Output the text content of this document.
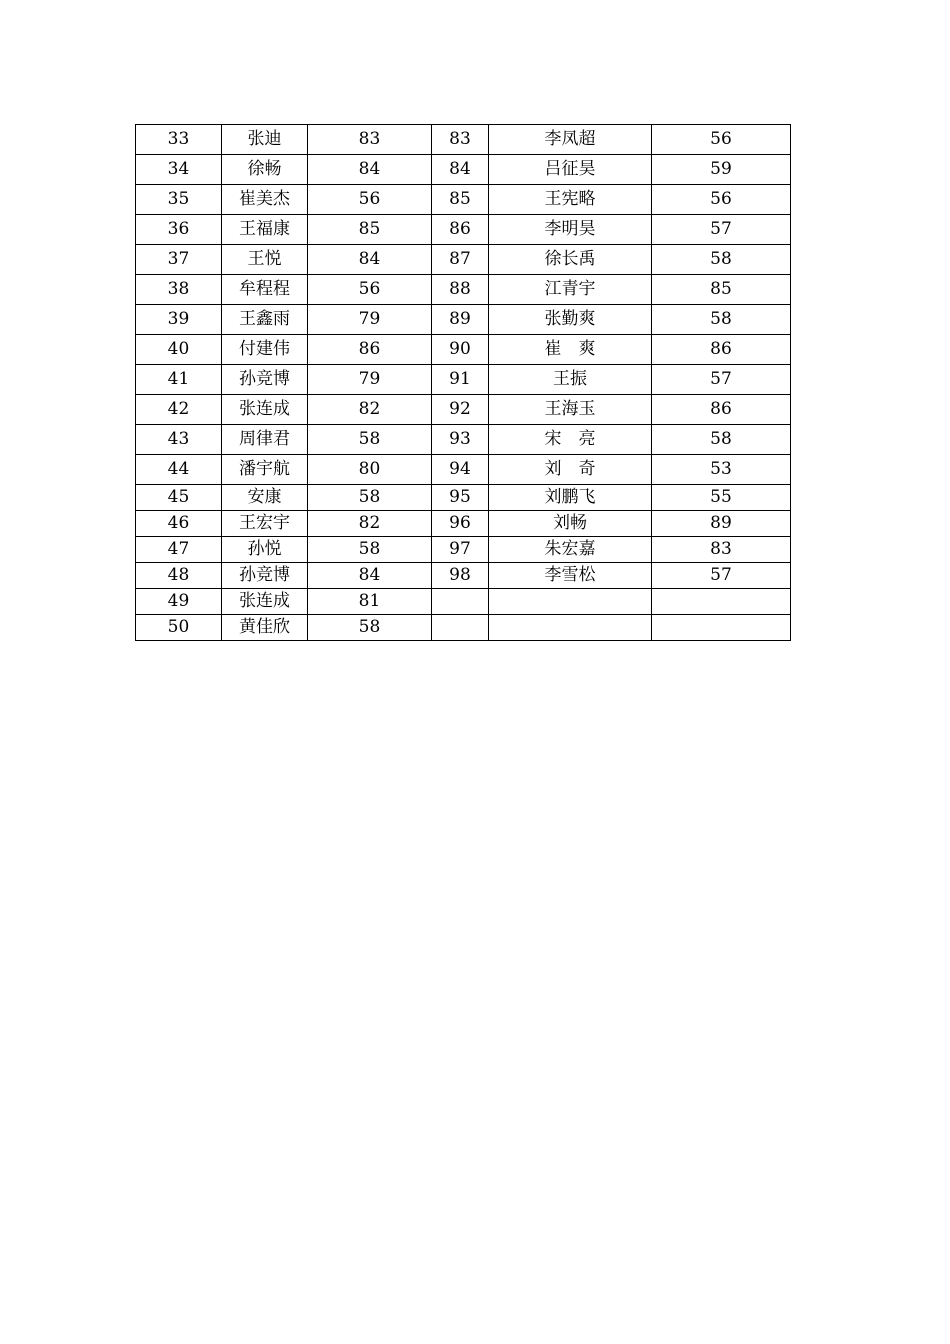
33	张迪	83	83	李凤超	56
34	徐畅	84	84	吕征昊	59
35	崔美杰	56	85	王宪略	56
36	王福康	85	86	李明昊	57
37	王悦	84	87	徐长禹	58
38	牟程程	56	88	江青宇	85
39	王鑫雨	79	89	张勤爽	58
40	付建伟	86	90	崔　爽	86
41	孙竞博	79	91	王振	57
42	张连成	82	92	王海玉	86
43	周律君	58	93	宋　亮	58
44	潘宇航	80	94	刘　奇	53
45	安康	58	95	刘鹏飞	55
46	王宏宇	82	96	刘畅	89
47	孙悦	58	97	朱宏嘉	83
48	孙竞博	84	98	李雪松	57
49	张连成	81			
50	黄佳欣	58			
